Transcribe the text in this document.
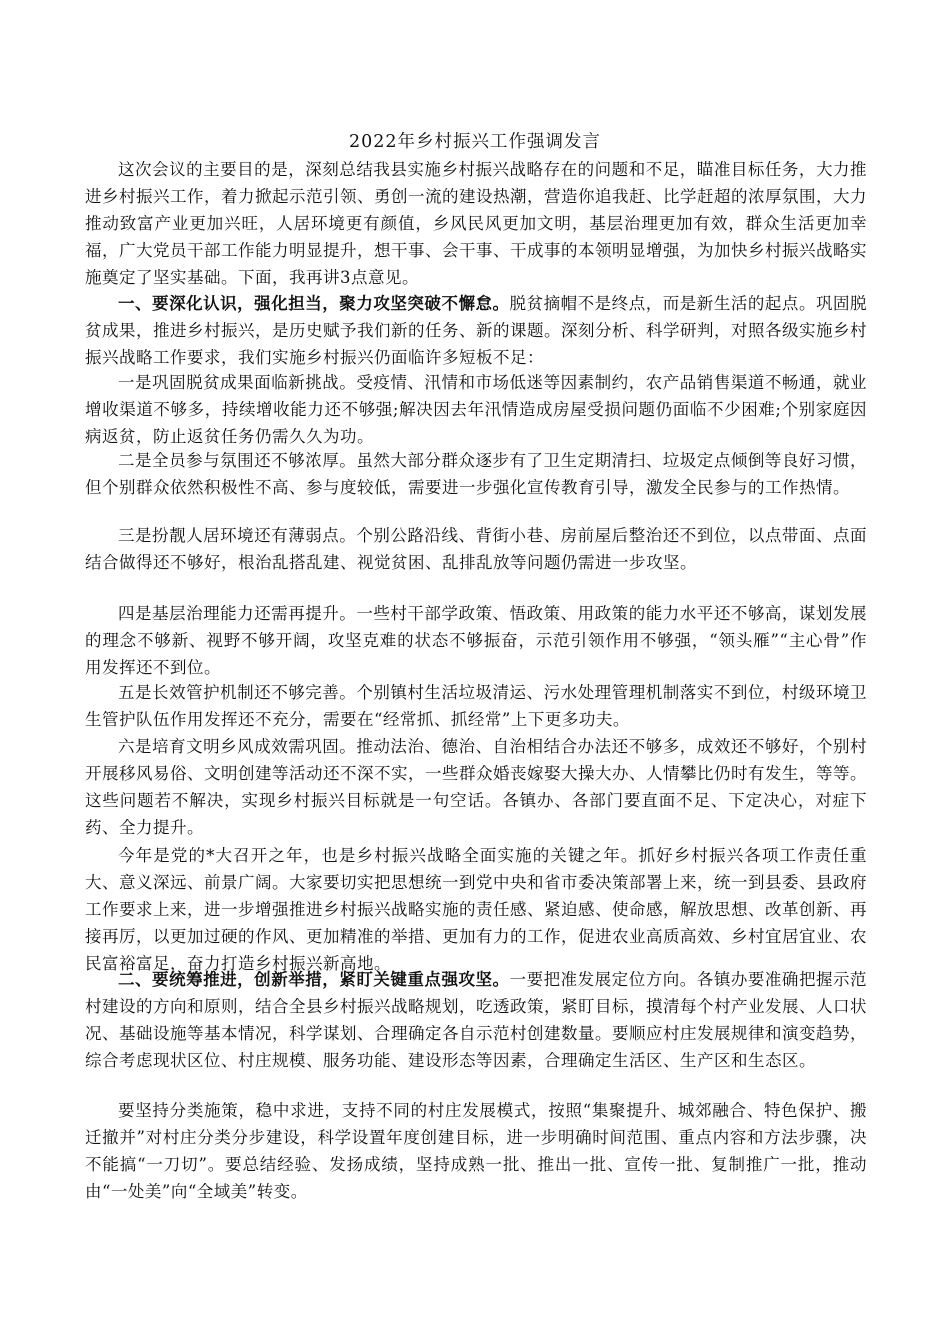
2022年乡村振兴工作强调发言

这次会议的主要目的是，深刻总结我县实施乡村振兴战略存在的问题和不足，瞄准目标任务，大力推进乡村振兴工作，着力掀起示范引领、勇创一流的建设热潮，营造你追我赶、比学赶超的浓厚氛围，大力推动致富产业更加兴旺，人居环境更有颜值，乡风民风更加文明，基层治理更加有效，群众生活更加幸福，广大党员干部工作能力明显提升，想干事、会干事、干成事的本领明显增强，为加快乡村振兴战略实施奠定了坚实基础。下面，我再讲3点意见。

一、要深化认识，强化担当，聚力攻坚突破不懈怠。脱贫摘帽不是终点，而是新生活的起点。巩固脱贫成果，推进乡村振兴，是历史赋予我们新的任务、新的课题。深刻分析、科学研判，对照各级实施乡村振兴战略工作要求，我们实施乡村振兴仍面临许多短板不足：

一是巩固脱贫成果面临新挑战。受疫情、汛情和市场低迷等因素制约，农产品销售渠道不畅通，就业增收渠道不够多，持续增收能力还不够强;解决因去年汛情造成房屋受损问题仍面临不少困难;个别家庭因病返贫，防止返贫任务仍需久久为功。

二是全员参与氛围还不够浓厚。虽然大部分群众逐步有了卫生定期清扫、垃圾定点倾倒等良好习惯，但个别群众依然积极性不高、参与度较低，需要进一步强化宣传教育引导，激发全民参与的工作热情。

三是扮靓人居环境还有薄弱点。个别公路沿线、背街小巷、房前屋后整治还不到位，以点带面、点面结合做得还不够好，根治乱搭乱建、视觉贫困、乱排乱放等问题仍需进一步攻坚。

四是基层治理能力还需再提升。一些村干部学政策、悟政策、用政策的能力水平还不够高，谋划发展的理念不够新、视野不够开阔，攻坚克难的状态不够振奋，示范引领作用不够强，“领头雁”“主心骨”作用发挥还不到位。

五是长效管护机制还不够完善。个别镇村生活垃圾清运、污水处理管理机制落实不到位，村级环境卫生管护队伍作用发挥还不充分，需要在“经常抓、抓经常”上下更多功夫。

六是培育文明乡风成效需巩固。推动法治、德治、自治相结合办法还不够多，成效还不够好，个别村开展移风易俗、文明创建等活动还不深不实，一些群众婚丧嫁娶大操大办、人情攀比仍时有发生，等等。这些问题若不解决，实现乡村振兴目标就是一句空话。各镇办、各部门要直面不足、下定决心，对症下药、全力提升。

今年是党的*大召开之年，也是乡村振兴战略全面实施的关键之年。抓好乡村振兴各项工作责任重大、意义深远、前景广阔。大家要切实把思想统一到党中央和省市委决策部署上来，统一到县委、县政府工作要求上来，进一步增强推进乡村振兴战略实施的责任感、紧迫感、使命感，解放思想、改革创新、再接再厉，以更加过硬的作风、更加精准的举措、更加有力的工作，促进农业高质高效、乡村宜居宜业、农民富裕富足，奋力打造乡村振兴新高地。

二、要统筹推进，创新举措，紧盯关键重点强攻坚。一要把准发展定位方向。各镇办要准确把握示范村建设的方向和原则，结合全县乡村振兴战略规划，吃透政策，紧盯目标，摸清每个村产业发展、人口状况、基础设施等基本情况，科学谋划、合理确定各自示范村创建数量。要顺应村庄发展规律和演变趋势，综合考虑现状区位、村庄规模、服务功能、建设形态等因素，合理确定生活区、生产区和生态区。

要坚持分类施策，稳中求进，支持不同的村庄发展模式，按照“集聚提升、城郊融合、特色保护、搬迁撤并”对村庄分类分步建设，科学设置年度创建目标，进一步明确时间范围、重点内容和方法步骤，决不能搞“一刀切”。要总结经验、发扬成绩，坚持成熟一批、推出一批、宣传一批、复制推广一批，推动由“一处美”向“全域美”转变。
